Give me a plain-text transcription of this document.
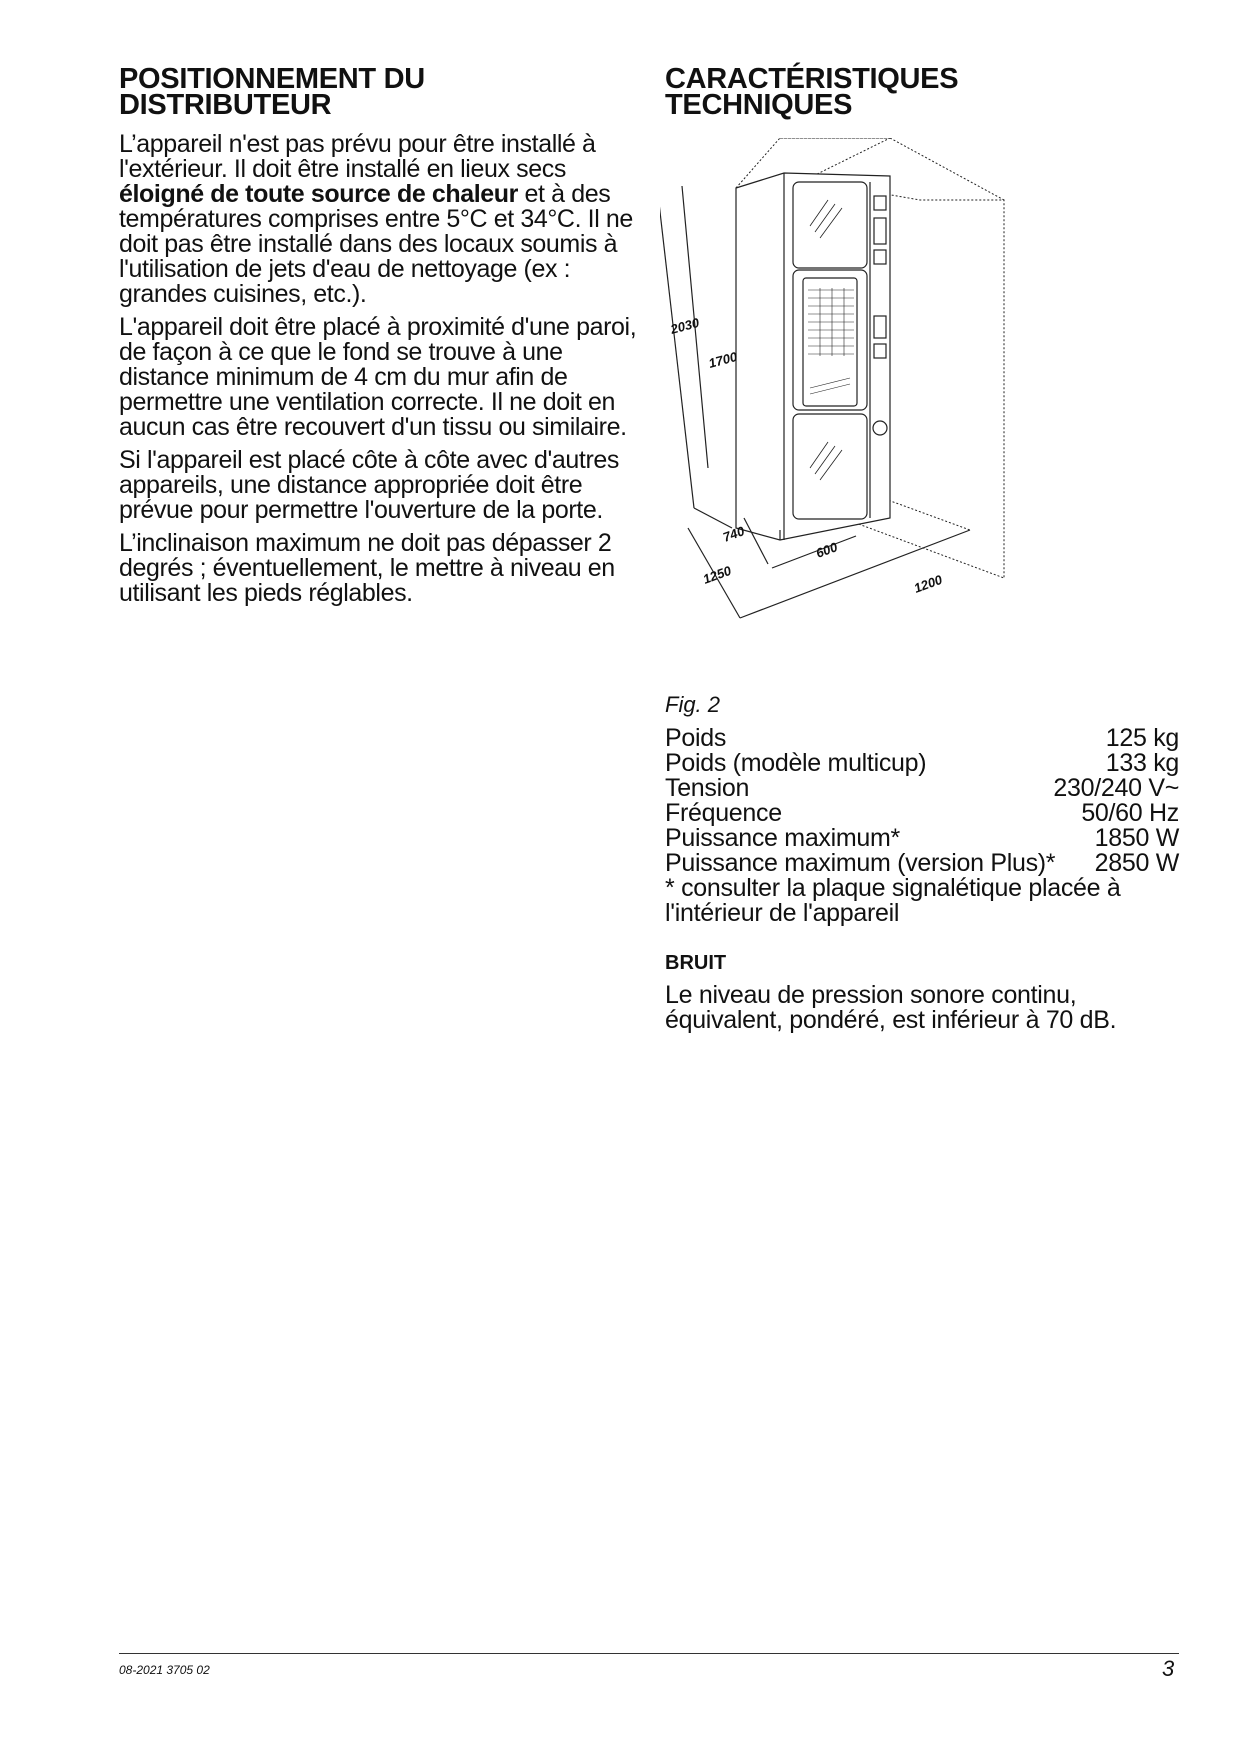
POSITIONNEMENT DU
DISTRIBUTEUR

L’appareil n'est pas prévu pour être installé à l'extérieur. Il doit être installé en lieux secs éloigné de toute source de chaleur et à des températures comprises entre 5°C et 34°C. Il ne doit pas être installé dans des locaux soumis à l'utilisation de jets d'eau de nettoyage (ex : grandes cuisines, etc.).

L'appareil doit être placé à proximité d'une paroi, de façon à ce que le fond se trouve à une distance minimum de 4 cm du mur afin de permettre une ventilation correcte. Il ne doit en aucun cas être recouvert d'un tissu ou similaire.

Si l'appareil est placé côte à côte avec d'autres appareils, une distance appropriée doit être prévue pour permettre l'ouverture de la porte.

L’inclinaison maximum ne doit pas dépasser 2 degrés ; éventuellement, le mettre à niveau en utilisant les pieds réglables.

CARACTÉRISTIQUES
TECHNIQUES
2030
1700
740
1250
600
1200
Fig. 2
Poids	125 kg
Poids (modèle multicup)	133 kg
Tension	230/240 V~
Fréquence	50/60 Hz
Puissance maximum*	1850 W
Puissance maximum (version Plus)* 2850 W
* consulter la plaque signalétique placée à l'intérieur de l'appareil
BRUIT

Le niveau de pression sonore continu, équivalent, pondéré, est inférieur à 70 dB.

08-2021 3705 02	3
